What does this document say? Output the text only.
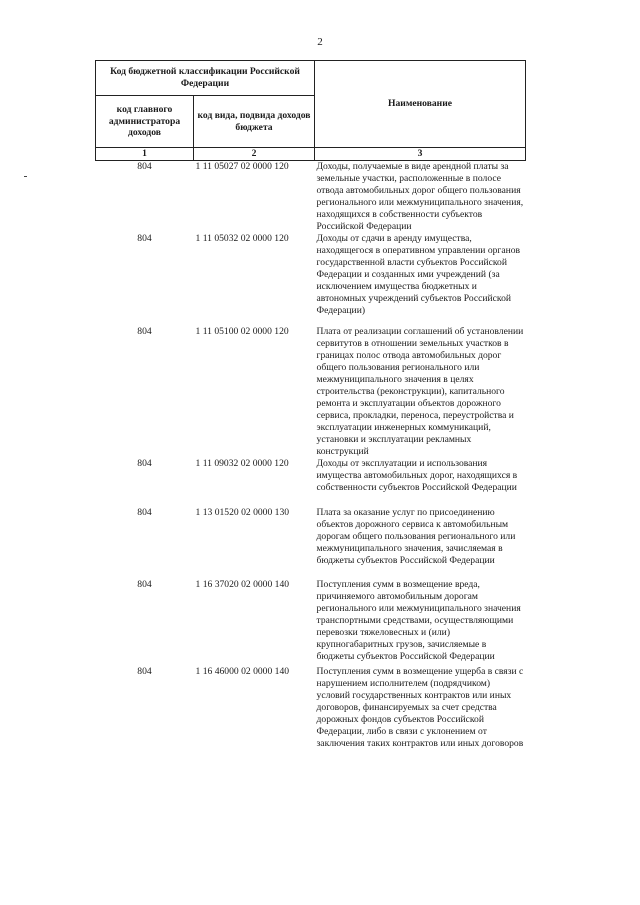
2
Код бюджетной классификации Российской Федерации		Наименование
код главного администратора доходов	код вида, подвида доходов бюджета	
1	2	3
804	1 11 05027 02 0000 120	Доходы, получаемые в виде арендной платы за земельные участки, расположенные в полосе отвода автомобильных дорог общего пользования регионального или межмуниципального значения, находящихся в собственности субъектов Российской Федерации
804	1 11 05032 02 0000 120	Доходы от сдачи в аренду имущества, находящегося в оперативном управлении органов государственной власти субъектов Российской Федерации и созданных ими учреждений (за исключением имущества бюджетных и автономных учреждений субъектов Российской Федерации)
804	1 11 05100 02 0000 120	Плата от реализации соглашений об установлении сервитутов в отношении земельных участков в границах полос отвода автомобильных дорог общего пользования регионального или межмуниципального значения в целях строительства (реконструкции), капитального ремонта и эксплуатации объектов дорожного сервиса, прокладки, переноса, переустройства и эксплуатации инженерных коммуникаций, установки и эксплуатации рекламных конструкций
804	1 11 09032 02 0000 120	Доходы от эксплуатации и использования имущества автомобильных дорог, находящихся в собственности субъектов Российской Федерации
804	1 13 01520 02 0000 130	Плата за оказание услуг по присоединению объектов дорожного сервиса к автомобильным дорогам общего пользования регионального или межмуниципального значения, зачисляемая в бюджеты субъектов Российской Федерации
804	1 16 37020 02 0000 140	Поступления сумм в возмещение вреда, причиняемого автомобильным дорогам регионального или межмуниципального значения транспортными средствами, осуществляющими перевозки тяжеловесных и (или) крупногабаритных грузов, зачисляемые в бюджеты субъектов Российской Федерации
804	1 16 46000 02 0000 140	Поступления сумм в возмещение ущерба в связи с нарушением исполнителем (подрядчиком) условий государственных контрактов или иных договоров, финансируемых за счет средства дорожных фондов субъектов Российской Федерации, либо в связи с уклонением от заключения таких контрактов или иных договоров
